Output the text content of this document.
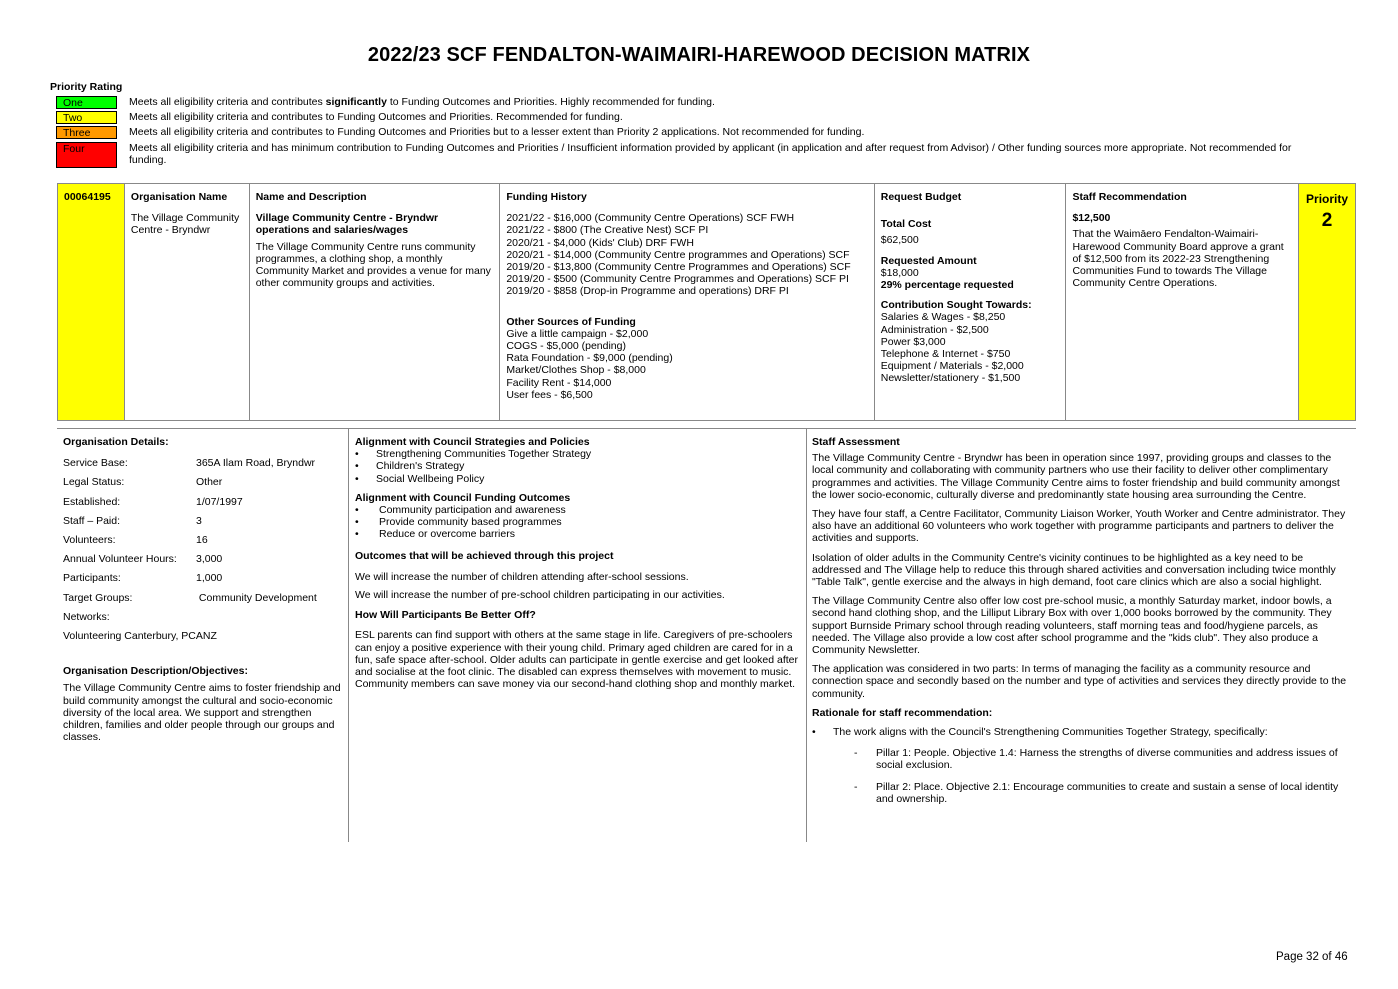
2022/23 SCF FENDALTON-WAIMAIRI-HAREWOOD DECISION MATRIX
Priority Rating
One	Meets all eligibility criteria and contributes significantly to Funding Outcomes and Priorities. Highly recommended for funding.
Two	Meets all eligibility criteria and contributes to Funding Outcomes and Priorities. Recommended for funding.
Three	Meets all eligibility criteria and contributes to Funding Outcomes and Priorities but to a lesser extent than Priority 2 applications. Not recommended for funding.
Four	Meets all eligibility criteria and has minimum contribution to Funding Outcomes and Priorities / Insufficient information provided by applicant (in application and after request from Advisor) / Other funding sources more appropriate. Not recommended for funding.
00064195	Organisation Name
The Village Community Centre - Bryndwr
Name and Description
Village Community Centre - Bryndwr operations and salaries/wages
The Village Community Centre runs community programmes, a clothing shop, a monthly Community Market and provides a venue for many other community groups and activities.
Funding History
2021/22 - $16,000 (Community Centre Operations) SCF FWH
2021/22 - $800 (The Creative Nest) SCF PI
2020/21 - $4,000 (Kids' Club) DRF FWH
2020/21 - $14,000 (Community Centre programmes and Operations) SCF
2019/20 - $13,800 (Community Centre Programmes and Operations) SCF
2019/20 - $500 (Community Centre Programmes and Operations) SCF PI
2019/20 - $858 (Drop-in Programme and operations) DRF PI
Other Sources of Funding
Give a little campaign - $2,000
COGS - $5,000 (pending)
Rata Foundation - $9,000 (pending)
Market/Clothes Shop - $8,000
Facility Rent - $14,000
User fees - $6,500
Request Budget
Total Cost
$62,500
Requested Amount
$18,000
29% percentage requested
Contribution Sought Towards:
Salaries & Wages - $8,250
Administration - $2,500
Power $3,000
Telephone & Internet - $750
Equipment / Materials - $2,000
Newsletter/stationery - $1,500
Staff Recommendation
$12,500
That the Waimāero Fendalton-Waimairi-Harewood Community Board approve a grant of $12,500 from its 2022-23 Strengthening Communities Fund to towards The Village Community Centre Operations.
Priority
2
Organisation Details:
Service Base:	365A Ilam Road, Bryndwr
Legal Status:	Other
Established:	1/07/1997
Staff – Paid:	3
Volunteers:	16
Annual Volunteer Hours:	3,000
Participants:	1,000
Target Groups:	Community Development
Networks:
Volunteering Canterbury, PCANZ
Organisation Description/Objectives:
The Village Community Centre aims to foster friendship and build community amongst the cultural and socio-economic diversity of the local area. We support and strengthen children, families and older people through our groups and classes.
Alignment with Council Strategies and Policies
• Strengthening Communities Together Strategy
• Children's Strategy
• Social Wellbeing Policy
Alignment with Council Funding Outcomes
• Community participation and awareness
• Provide community based programmes
• Reduce or overcome barriers
Outcomes that will be achieved through this project

We will increase the number of children attending after-school sessions.

We will increase the number of pre-school children participating in our activities.

How Will Participants Be Better Off?

ESL parents can find support with others at the same stage in life. Caregivers of pre-schoolers can enjoy a positive experience with their young child. Primary aged children are cared for in a fun, safe space after-school. Older adults can participate in gentle exercise and get looked after and socialise at the foot clinic. The disabled can express themselves with movement to music. Community members can save money via our second-hand clothing shop and monthly market.

Staff Assessment

The Village Community Centre - Bryndwr has been in operation since 1997, providing groups and classes to the local community and collaborating with community partners who use their facility to deliver other complimentary programmes and activities. The Village Community Centre aims to foster friendship and build community amongst the lower socio-economic, culturally diverse and predominantly state housing area surrounding the Centre.

They have four staff, a Centre Facilitator, Community Liaison Worker, Youth Worker and Centre administrator. They also have an additional 60 volunteers who work together with programme participants and partners to deliver the activities and supports.

Isolation of older adults in the Community Centre's vicinity continues to be highlighted as a key need to be addressed and The Village help to reduce this through shared activities and conversation including twice monthly "Table Talk", gentle exercise and the always in high demand, foot care clinics which are also a social highlight.

The Village Community Centre also offer low cost pre-school music, a monthly Saturday market, indoor bowls, a second hand clothing shop, and the Lilliput Library Box with over 1,000 books borrowed by the community. They support Burnside Primary school through reading volunteers, staff morning teas and food/hygiene parcels, as needed. The Village also provide a low cost after school programme and the "kids club". They also produce a Community Newsletter.

The application was considered in two parts: In terms of managing the facility as a community resource and connection space and secondly based on the number and type of activities and services they directly provide to the community.

Rationale for staff recommendation:
• The work aligns with the Council's Strengthening Communities Together Strategy, specifically:
- Pillar 1: People. Objective 1.4: Harness the strengths of diverse communities and address issues of social exclusion.
- Pillar 2: Place. Objective 2.1: Encourage communities to create and sustain a sense of local identity and ownership.
Page 32 of 46
